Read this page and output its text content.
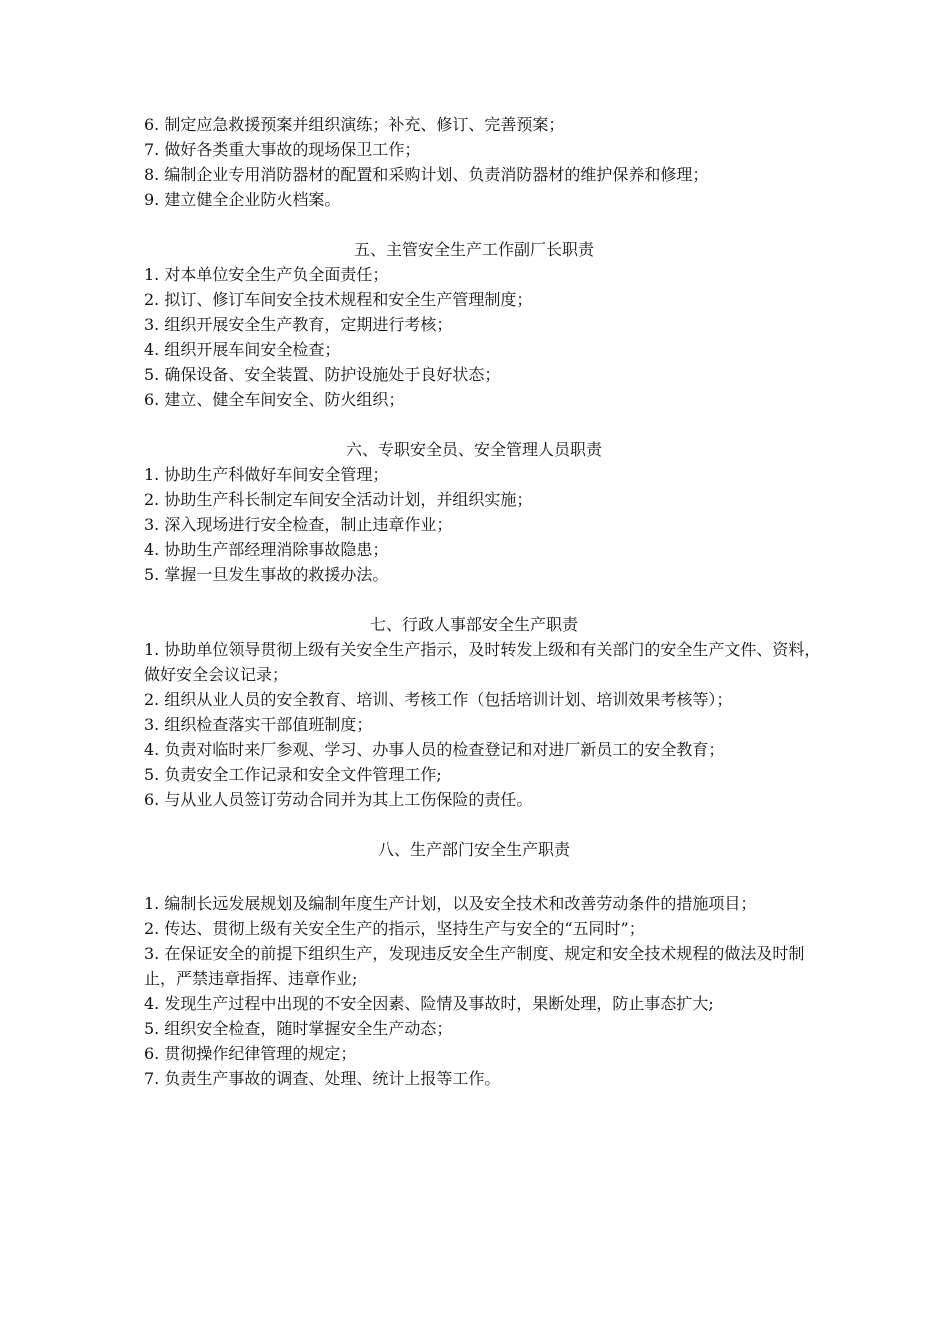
6. 制定应急救援预案并组织演练；补充、修订、完善预案；
7. 做好各类重大事故的现场保卫工作；
8. 编制企业专用消防器材的配置和采购计划、负责消防器材的维护保养和修理；
9. 建立健全企业防火档案。
五、主管安全生产工作副厂长职责
1. 对本单位安全生产负全面责任；
2. 拟订、修订车间安全技术规程和安全生产管理制度；
3. 组织开展安全生产教育，定期进行考核；
4. 组织开展车间安全检查；
5. 确保设备、安全装置、防护设施处于良好状态；
6. 建立、健全车间安全、防火组织；
六、专职安全员、安全管理人员职责
1. 协助生产科做好车间安全管理；
2. 协助生产科长制定车间安全活动计划，并组织实施；
3. 深入现场进行安全检查，制止违章作业；
4. 协助生产部经理消除事故隐患；
5. 掌握一旦发生事故的救援办法。
七、行政人事部安全生产职责
1. 协助单位领导贯彻上级有关安全生产指示，及时转发上级和有关部门的安全生产文件、资料，做好安全会议记录；
2. 组织从业人员的安全教育、培训、考核工作（包括培训计划、培训效果考核等）；
3. 组织检查落实干部值班制度；
4. 负责对临时来厂参观、学习、办事人员的检查登记和对进厂新员工的安全教育；
5. 负责安全工作记录和安全文件管理工作;
6. 与从业人员签订劳动合同并为其上工伤保险的责任。
八、生产部门安全生产职责
1. 编制长远发展规划及编制年度生产计划，以及安全技术和改善劳动条件的措施项目；
2. 传达、贯彻上级有关安全生产的指示，坚持生产与安全的“五同时”；
3. 在保证安全的前提下组织生产，发现违反安全生产制度、规定和安全技术规程的做法及时制止，严禁违章指挥、违章作业;
4. 发现生产过程中出现的不安全因素、险情及事故时，果断处理，防止事态扩大;
5. 组织安全检查，随时掌握安全生产动态；
6. 贯彻操作纪律管理的规定；
7. 负责生产事故的调查、处理、统计上报等工作。
